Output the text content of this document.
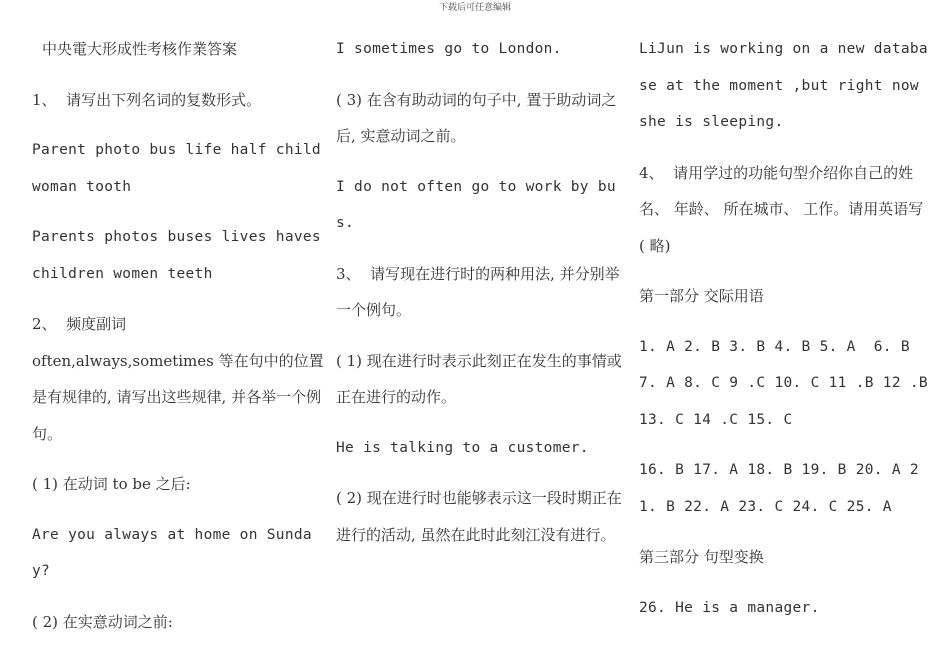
下载后可任意编辑

中央電大形成性考核作業答案

1、  请写出下列名词的复数形式。

Parent photo bus life half child woman tooth

Parents photos buses lives haves children women teeth

2、  频度副词

often,always,sometimes 等在句中的位置是有规律的, 请写出这些规律, 并各举一个例句。

( 1) 在动词 to be 之后:

Are you always at home on Sunday?

( 2) 在实意动词之前:

I sometimes go to London.

( 3) 在含有助动词的句子中, 置于助动词之后, 实意动词之前。

I do not often go to work by bus.

3、  请写现在进行时的两种用法, 并分别举一个例句。

( 1) 现在进行时表示此刻正在发生的事情或正在进行的动作。

He is talking to a customer.

( 2) 现在进行时也能够表示这一段时期正在进行的活动, 虽然在此时此刻江没有进行。

LiJun is working on a new database at the moment ,but right now she is sleeping.

4、  请用学过的功能句型介绍你自己的姓名、 年龄、 所在城市、 工作。请用英语写( 略)

第一部分 交际用语

1. A 2. B 3. B 4. B 5. A  6. B 7. A 8. C 9 .C 10. C 11 .B 12 .B 13. C 14 .C 15. C

16. B 17. A 18. B 19. B 20. A 21. B 22. A 23. C 24. C 25. A

第三部分 句型变换

26. He is a manager.
